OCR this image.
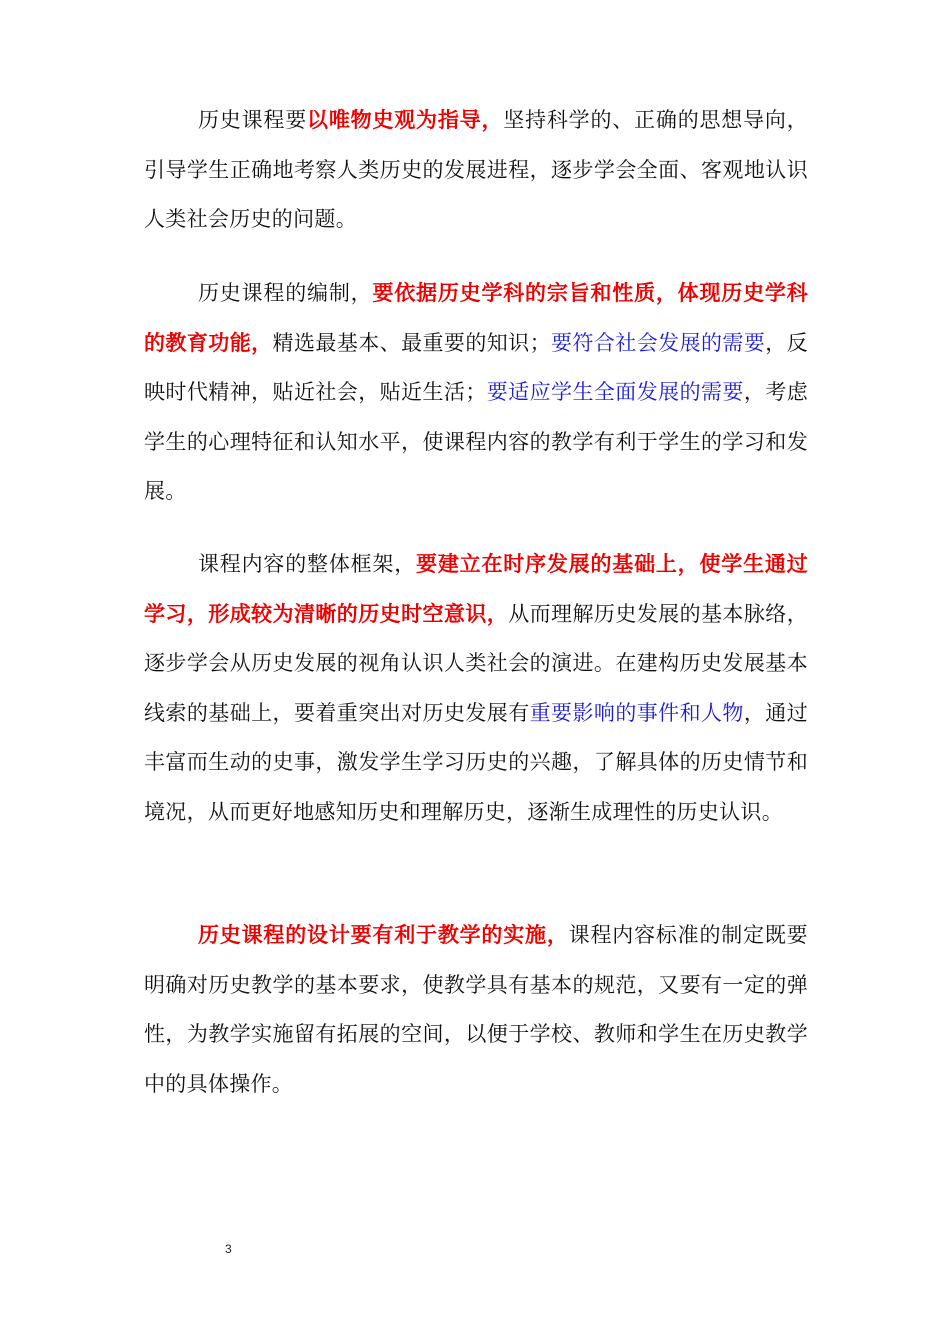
历史课程要以唯物史观为指导，坚持科学的、正确的思想导向，引导学生正确地考察人类历史的发展进程，逐步学会全面、客观地认识人类社会历史的问题。

历史课程的编制，要依据历史学科的宗旨和性质，体现历史学科的教育功能，精选最基本、最重要的知识；要符合社会发展的需要，反映时代精神，贴近社会，贴近生活；要适应学生全面发展的需要，考虑学生的心理特征和认知水平，使课程内容的教学有利于学生的学习和发展。

课程内容的整体框架，要建立在时序发展的基础上，使学生通过学习，形成较为清晰的历史时空意识，从而理解历史发展的基本脉络，逐步学会从历史发展的视角认识人类社会的演进。在建构历史发展基本线索的基础上，要着重突出对历史发展有重要影响的事件和人物，通过丰富而生动的史事，激发学生学习历史的兴趣，了解具体的历史情节和境况，从而更好地感知历史和理解历史，逐渐生成理性的历史认识。

历史课程的设计要有利于教学的实施，课程内容标准的制定既要明确对历史教学的基本要求，使教学具有基本的规范，又要有一定的弹性，为教学实施留有拓展的空间，以便于学校、教师和学生在历史教学中的具体操作。

3
